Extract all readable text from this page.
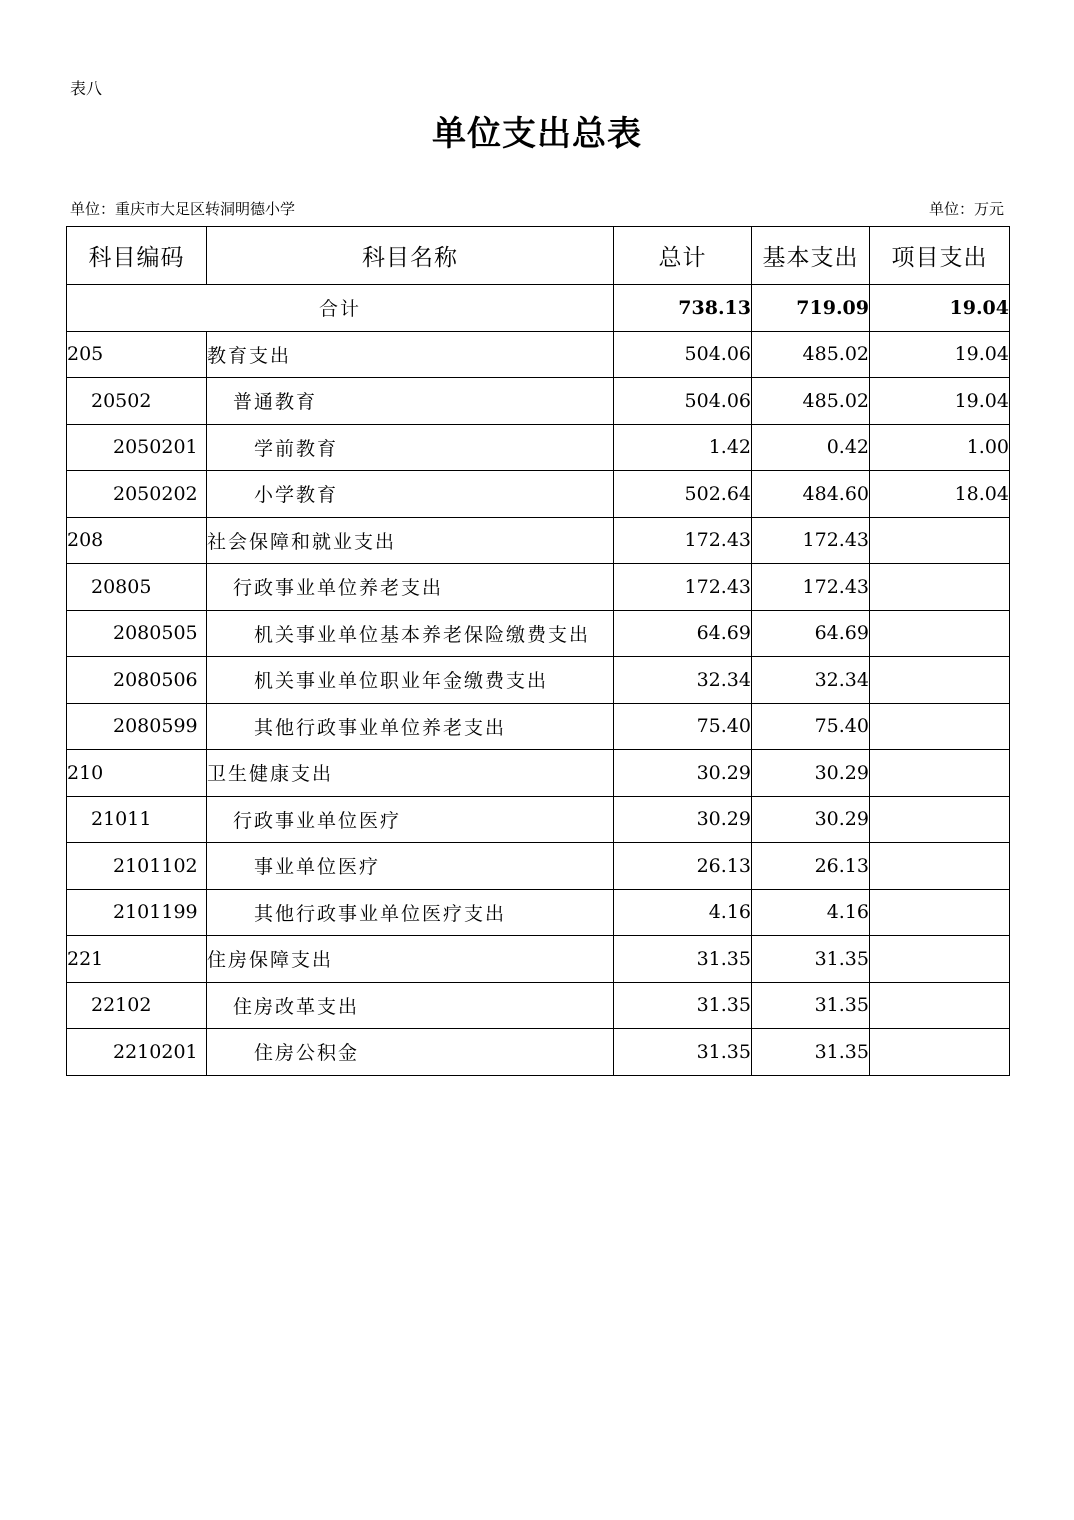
表八
单位支出总表
单位：重庆市大足区转洞明德小学	单位：万元
科目编码	科目名称	总计	基本支出	项目支出
合计		738.13	719.09	19.04
205	教育支出	504.06	485.02	19.04
20502	普通教育	504.06	485.02	19.04
2050201	学前教育	1.42	0.42	1.00
2050202	小学教育	502.64	484.60	18.04
208	社会保障和就业支出	172.43	172.43	
20805	行政事业单位养老支出	172.43	172.43	
2080505	机关事业单位基本养老保险缴费支出	64.69	64.69	
2080506	机关事业单位职业年金缴费支出	32.34	32.34	
2080599	其他行政事业单位养老支出	75.40	75.40	
210	卫生健康支出	30.29	30.29	
21011	行政事业单位医疗	30.29	30.29	
2101102	事业单位医疗	26.13	26.13	
2101199	其他行政事业单位医疗支出	4.16	4.16	
221	住房保障支出	31.35	31.35	
22102	住房改革支出	31.35	31.35	
2210201	住房公积金	31.35	31.35	
